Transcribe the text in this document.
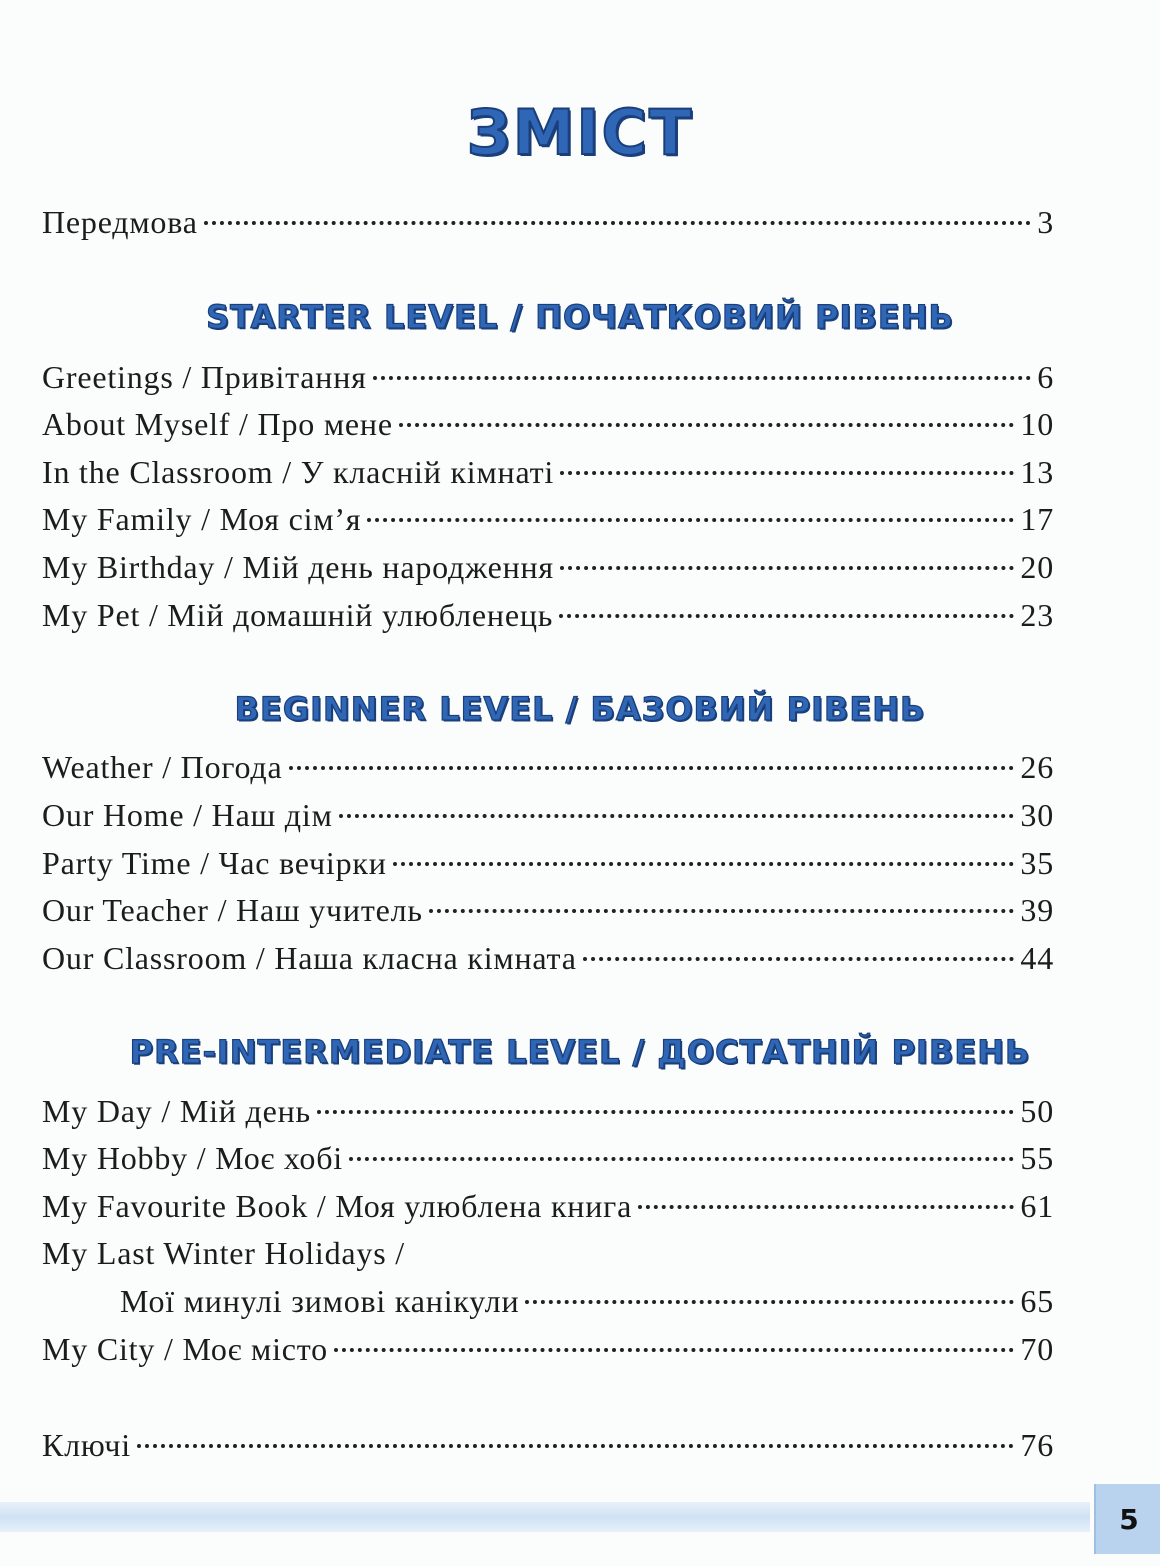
ЗМІСТ
Передмова	3
STARTER LEVEL / ПОЧАТКОВИЙ РІВЕНЬ
Greetings / Привітання	6
About Myself / Про мене	10
In the Classroom / У класній кімнаті	13
My Family / Моя сім’я	17
My Birthday / Мій день народження	20
My Pet / Мій домашній улюбленець	23
BEGINNER LEVEL / БАЗОВИЙ РІВЕНЬ
Weather / Погода	26
Our Home / Наш дім	30
Party Time / Час вечірки	35
Our Teacher / Наш учитель	39
Our Classroom / Наша класна кімната	44
PRE-INTERMEDIATE LEVEL / ДОСТАТНІЙ РІВЕНЬ
My Day / Мій день	50
My Hobby / Моє хобі	55
My Favourite Book / Моя улюблена книга	61
My Last Winter Holidays /
Мої минулі зимові канікули	65
My City / Моє місто	70
Ключі	76
5
